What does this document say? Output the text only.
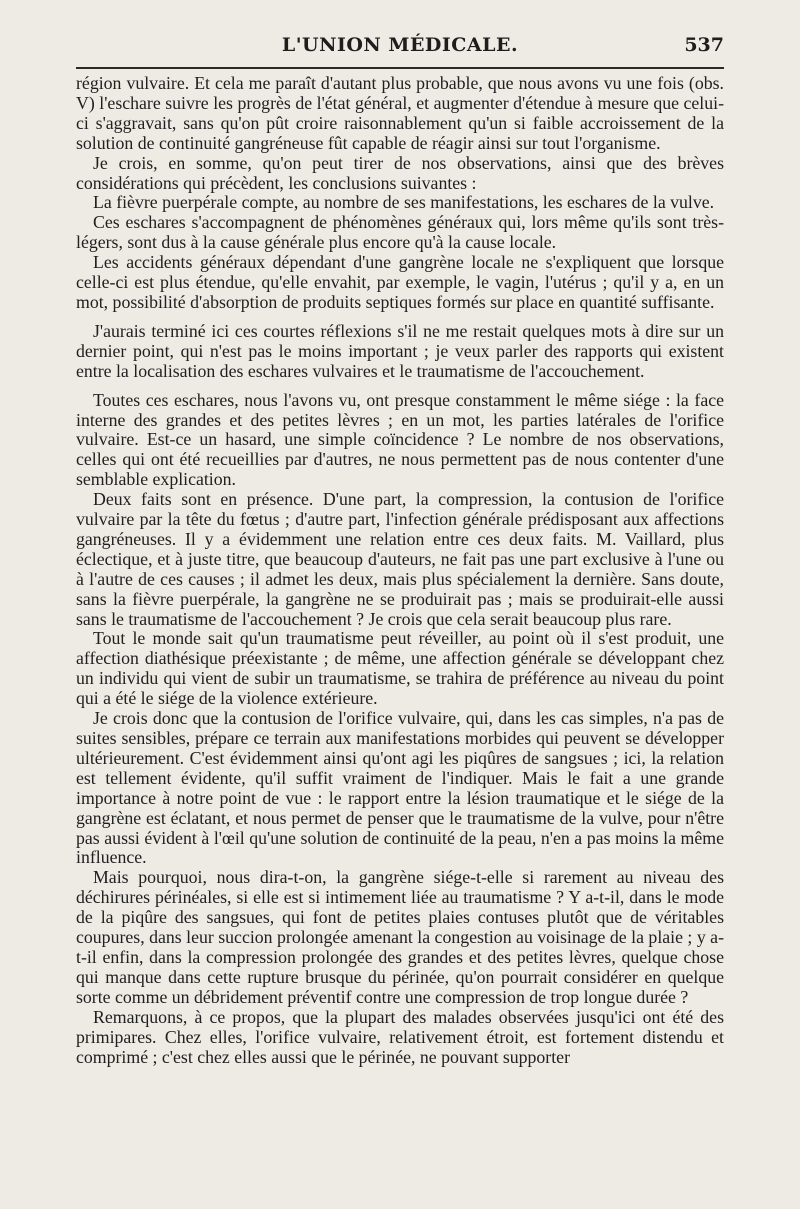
L'UNION MÉDICALE.	537

région vulvaire. Et cela me paraît d'autant plus probable, que nous avons vu une fois (obs. V) l'eschare suivre les progrès de l'état général, et augmenter d'étendue à mesure que celui-ci s'aggravait, sans qu'on pût croire raisonnablement qu'un si faible accroissement de la solution de continuité gangréneuse fût capable de réagir ainsi sur tout l'organisme.

Je crois, en somme, qu'on peut tirer de nos observations, ainsi que des brèves considérations qui précèdent, les conclusions suivantes :

La fièvre puerpérale compte, au nombre de ses manifestations, les eschares de la vulve.

Ces eschares s'accompagnent de phénomènes généraux qui, lors même qu'ils sont très-légers, sont dus à la cause générale plus encore qu'à la cause locale.

Les accidents généraux dépendant d'une gangrène locale ne s'expliquent que lorsque celle-ci est plus étendue, qu'elle envahit, par exemple, le vagin, l'utérus ; qu'il y a, en un mot, possibilité d'absorption de produits septiques formés sur place en quantité suffisante.

J'aurais terminé ici ces courtes réflexions s'il ne me restait quelques mots à dire sur un dernier point, qui n'est pas le moins important ; je veux parler des rapports qui existent entre la localisation des eschares vulvaires et le traumatisme de l'accouchement.

Toutes ces eschares, nous l'avons vu, ont presque constamment le même siége : la face interne des grandes et des petites lèvres ; en un mot, les parties latérales de l'orifice vulvaire. Est-ce un hasard, une simple coïncidence ? Le nombre de nos observations, celles qui ont été recueillies par d'autres, ne nous permettent pas de nous contenter d'une semblable explication.

Deux faits sont en présence. D'une part, la compression, la contusion de l'orifice vulvaire par la tête du fœtus ; d'autre part, l'infection générale prédisposant aux affections gangréneuses. Il y a évidemment une relation entre ces deux faits. M. Vaillard, plus éclectique, et à juste titre, que beaucoup d'auteurs, ne fait pas une part exclusive à l'une ou à l'autre de ces causes ; il admet les deux, mais plus spécialement la dernière. Sans doute, sans la fièvre puerpérale, la gangrène ne se produirait pas ; mais se produirait-elle aussi sans le traumatisme de l'accouchement ? Je crois que cela serait beaucoup plus rare.

Tout le monde sait qu'un traumatisme peut réveiller, au point où il s'est produit, une affection diathésique préexistante ; de même, une affection générale se développant chez un individu qui vient de subir un traumatisme, se trahira de préférence au niveau du point qui a été le siége de la violence extérieure.

Je crois donc que la contusion de l'orifice vulvaire, qui, dans les cas simples, n'a pas de suites sensibles, prépare ce terrain aux manifestations morbides qui peuvent se développer ultérieurement. C'est évidemment ainsi qu'ont agi les piqûres de sangsues ; ici, la relation est tellement évidente, qu'il suffit vraiment de l'indiquer. Mais le fait a une grande importance à notre point de vue : le rapport entre la lésion traumatique et le siége de la gangrène est éclatant, et nous permet de penser que le traumatisme de la vulve, pour n'être pas aussi évident à l'œil qu'une solution de continuité de la peau, n'en a pas moins la même influence.

Mais pourquoi, nous dira-t-on, la gangrène siége-t-elle si rarement au niveau des déchirures périnéales, si elle est si intimement liée au traumatisme ? Y a-t-il, dans le mode de la piqûre des sangsues, qui font de petites plaies contuses plutôt que de véritables coupures, dans leur succion prolongée amenant la congestion au voisinage de la plaie ; y a-t-il enfin, dans la compression prolongée des grandes et des petites lèvres, quelque chose qui manque dans cette rupture brusque du périnée, qu'on pourrait considérer en quelque sorte comme un débridement préventif contre une compression de trop longue durée ?

Remarquons, à ce propos, que la plupart des malades observées jusqu'ici ont été des primipares. Chez elles, l'orifice vulvaire, relativement étroit, est fortement distendu et comprimé ; c'est chez elles aussi que le périnée, ne pouvant supporter
